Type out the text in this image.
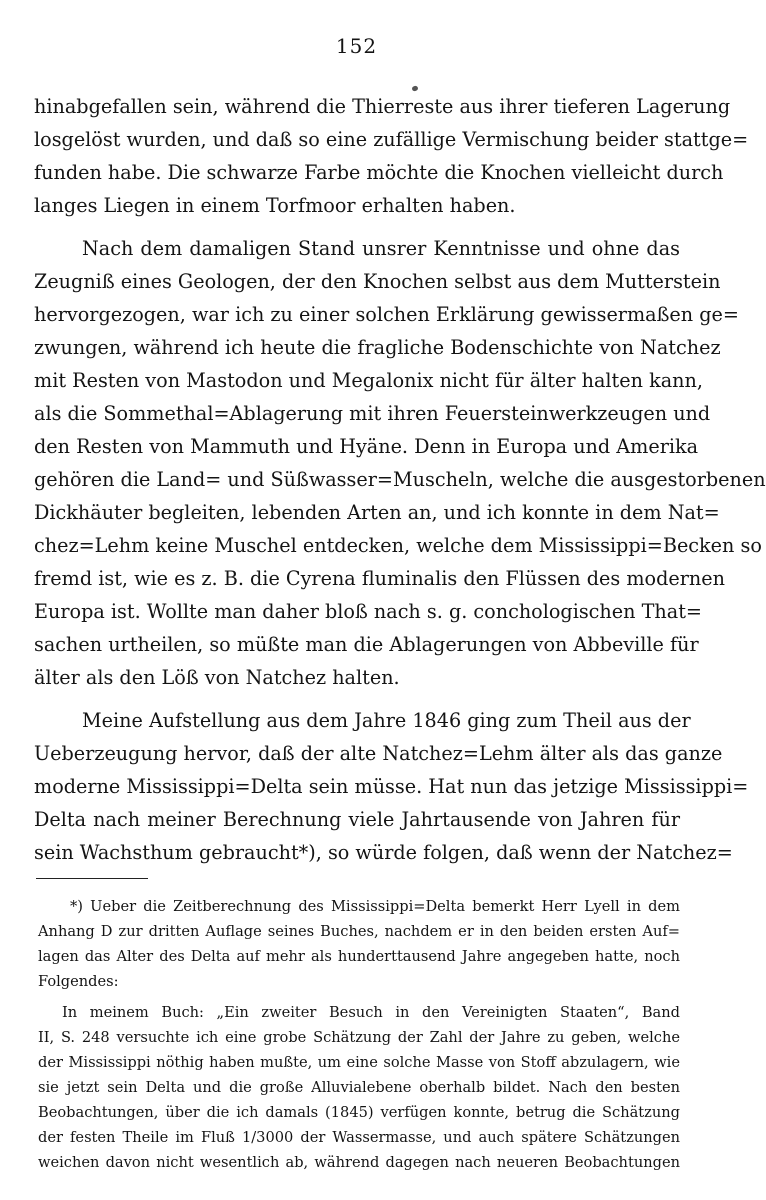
152
hinabgefallen sein, während die Thierreste aus ihrer tieferen Lagerung
losgelöst wurden, und daß so eine zufällige Vermischung beider stattge=
funden habe. Die schwarze Farbe möchte die Knochen vielleicht durch
langes Liegen in einem Torfmoor erhalten haben.
Nach dem damaligen Stand unsrer Kenntnisse und ohne das
Zeugniß eines Geologen, der den Knochen selbst aus dem Mutterstein
hervorgezogen, war ich zu einer solchen Erklärung gewissermaßen ge=
zwungen, während ich heute die fragliche Bodenschichte von Natchez
mit Resten von Mastodon und Megalonix nicht für älter halten kann,
als die Sommethal=Ablagerung mit ihren Feuersteinwerkzeugen und
den Resten von Mammuth und Hyäne. Denn in Europa und Amerika
gehören die Land= und Süßwasser=Muscheln, welche die ausgestorbenen
Dickhäuter begleiten, lebenden Arten an, und ich konnte in dem Nat=
chez=Lehm keine Muschel entdecken, welche dem Mississippi=Becken so
fremd ist, wie es z. B. die Cyrena fluminalis den Flüssen des modernen
Europa ist. Wollte man daher bloß nach s. g. conchologischen That=
sachen urtheilen, so müßte man die Ablagerungen von Abbeville für
älter als den Löß von Natchez halten.
Meine Aufstellung aus dem Jahre 1846 ging zum Theil aus der
Ueberzeugung hervor, daß der alte Natchez=Lehm älter als das ganze
moderne Mississippi=Delta sein müsse. Hat nun das jetzige Mississippi=
Delta nach meiner Berechnung viele Jahrtausende von Jahren für
sein Wachsthum gebraucht*), so würde folgen, daß wenn der Natchez=
*) Ueber die Zeitberechnung des Mississippi=Delta bemerkt Herr Lyell in dem
Anhang D zur dritten Auflage seines Buches, nachdem er in den beiden ersten Auf=
lagen das Alter des Delta auf mehr als hunderttausend Jahre angegeben hatte, noch
Folgendes:
In meinem Buch: „Ein zweiter Besuch in den Vereinigten Staaten“, Band
II, S. 248 versuchte ich eine grobe Schätzung der Zahl der Jahre zu geben, welche
der Mississippi nöthig haben mußte, um eine solche Masse von Stoff abzulagern, wie
sie jetzt sein Delta und die große Alluvialebene oberhalb bildet. Nach den besten
Beobachtungen, über die ich damals (1845) verfügen konnte, betrug die Schätzung
der festen Theile im Fluß 1/3000 der Wassermasse, und auch spätere Schätzungen
weichen davon nicht wesentlich ab, während dagegen nach neueren Beobachtungen
